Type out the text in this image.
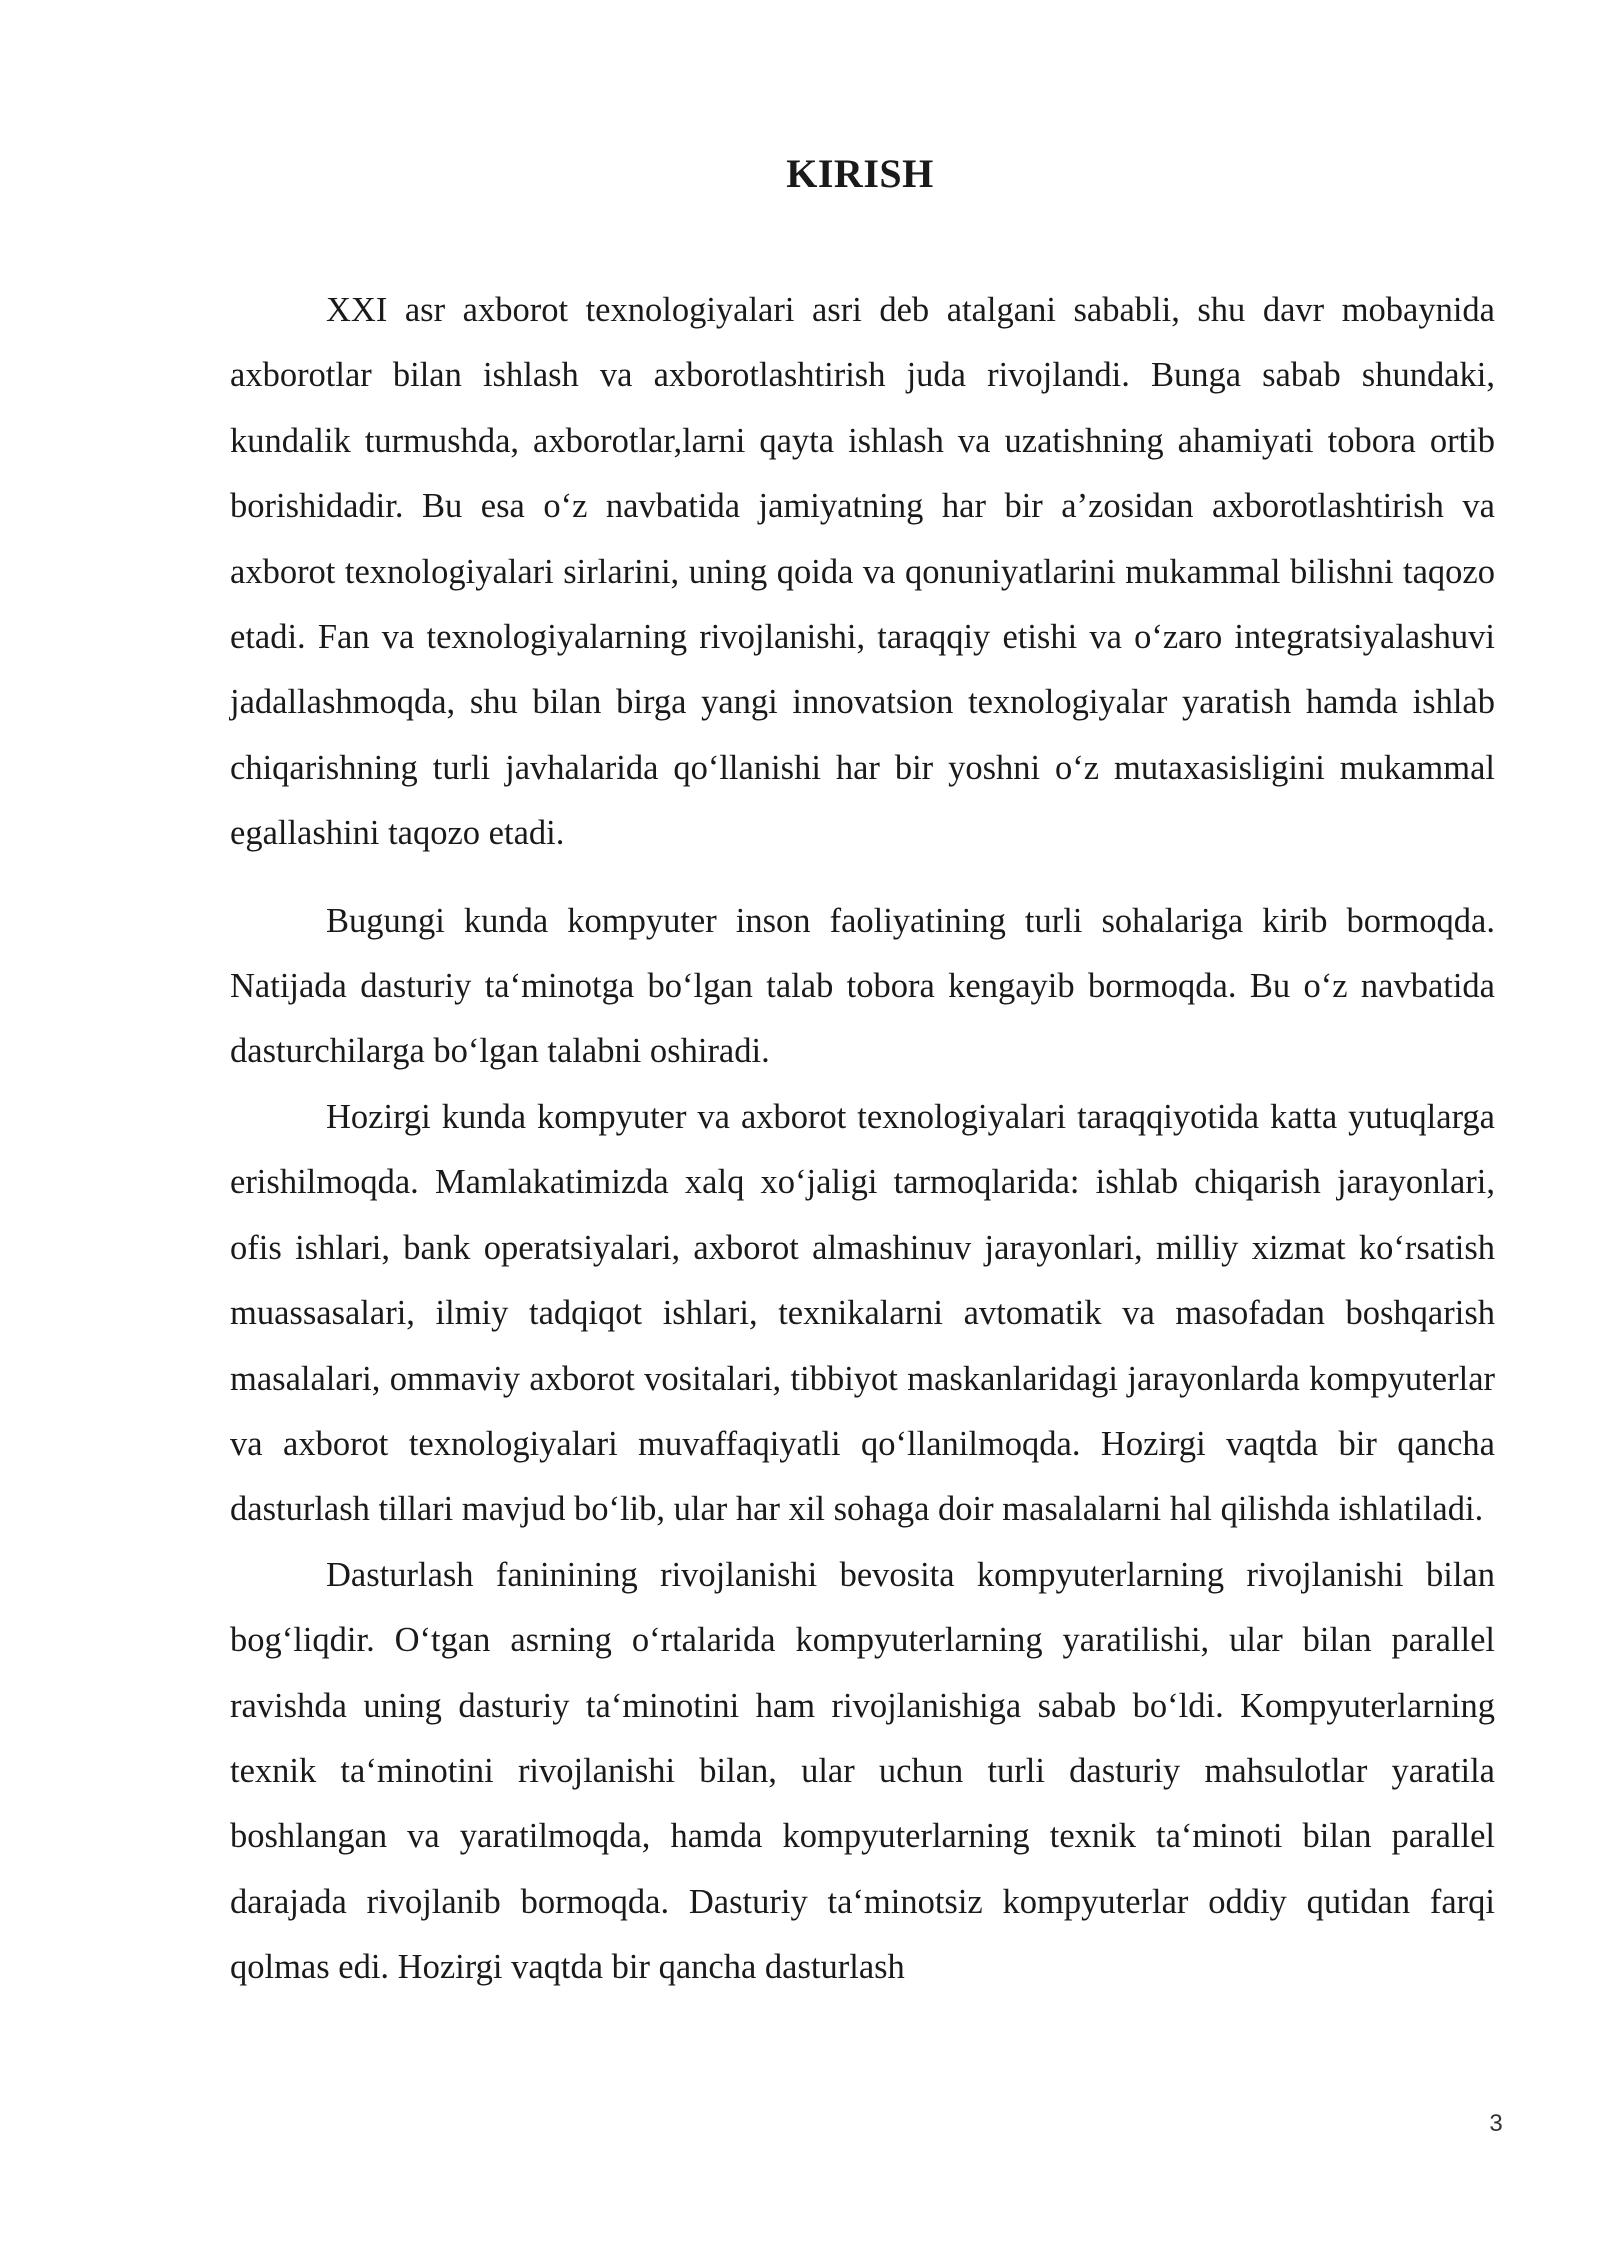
KIRISH

XXI asr axborot texnologiyalari asri deb atalgani sababli, shu davr mobaynida axborotlar bilan ishlash va axborotlashtirish juda rivojlandi. Bunga sabab shundaki, kundalik turmushda, axborotlar,larni qayta ishlash va uzatishning ahamiyati tobora ortib borishidadir. Bu esa o‘z navbatida jamiyatning har bir a’zosidan axborotlashtirish va axborot texnologiyalari sirlarini, uning qoida va qonuniyatlarini mukammal bilishni taqozo etadi. Fan va texnologiyalarning rivojlanishi, taraqqiy etishi va o‘zaro integratsiyalashuvi jadallashmoqda, shu bilan birga yangi innovatsion texnologiyalar yaratish hamda ishlab chiqarishning turli javhalarida qo‘llanishi har bir yoshni o‘z mutaxasisligini mukammal egallashini taqozo etadi.

Bugungi kunda kompyuter inson faoliyatining turli sohalariga kirib bormoqda. Natijada dasturiy ta‘minotga bo‘lgan talab tobora kengayib bormoqda. Bu o‘z navbatida dasturchilarga bo‘lgan talabni oshiradi.

Hozirgi kunda kompyuter va axborot texnologiyalari taraqqiyotida katta yutuqlarga erishilmoqda. Mamlakatimizda xalq xo‘jaligi tarmoqlarida: ishlab chiqarish jarayonlari, ofis ishlari, bank operatsiyalari, axborot almashinuv jarayonlari, milliy xizmat ko‘rsatish muassasalari, ilmiy tadqiqot ishlari, texnikalarni avtomatik va masofadan boshqarish masalalari, ommaviy axborot vositalari, tibbiyot maskanlaridagi jarayonlarda kompyuterlar va axborot texnologiyalari muvaffaqiyatli qo‘llanilmoqda. Hozirgi vaqtda bir qancha dasturlash tillari mavjud bo‘lib, ular har xil sohaga doir masalalarni hal qilishda ishlatiladi.

Dasturlash faninining rivojlanishi bevosita kompyuterlarning rivojlanishi bilan bog‘liqdir. O‘tgan asrning o‘rtalarida kompyuterlarning yaratilishi, ular bilan parallel ravishda uning dasturiy ta‘minotini ham rivojlanishiga sabab bo‘ldi. Kompyuterlarning texnik ta‘minotini rivojlanishi bilan, ular uchun turli dasturiy mahsulotlar yaratila boshlangan va yaratilmoqda, hamda kompyuterlarning texnik ta‘minoti bilan parallel darajada rivojlanib bormoqda. Dasturiy ta‘minotsiz kompyuterlar oddiy qutidan farqi qolmas edi. Hozirgi vaqtda bir qancha dasturlash

3
